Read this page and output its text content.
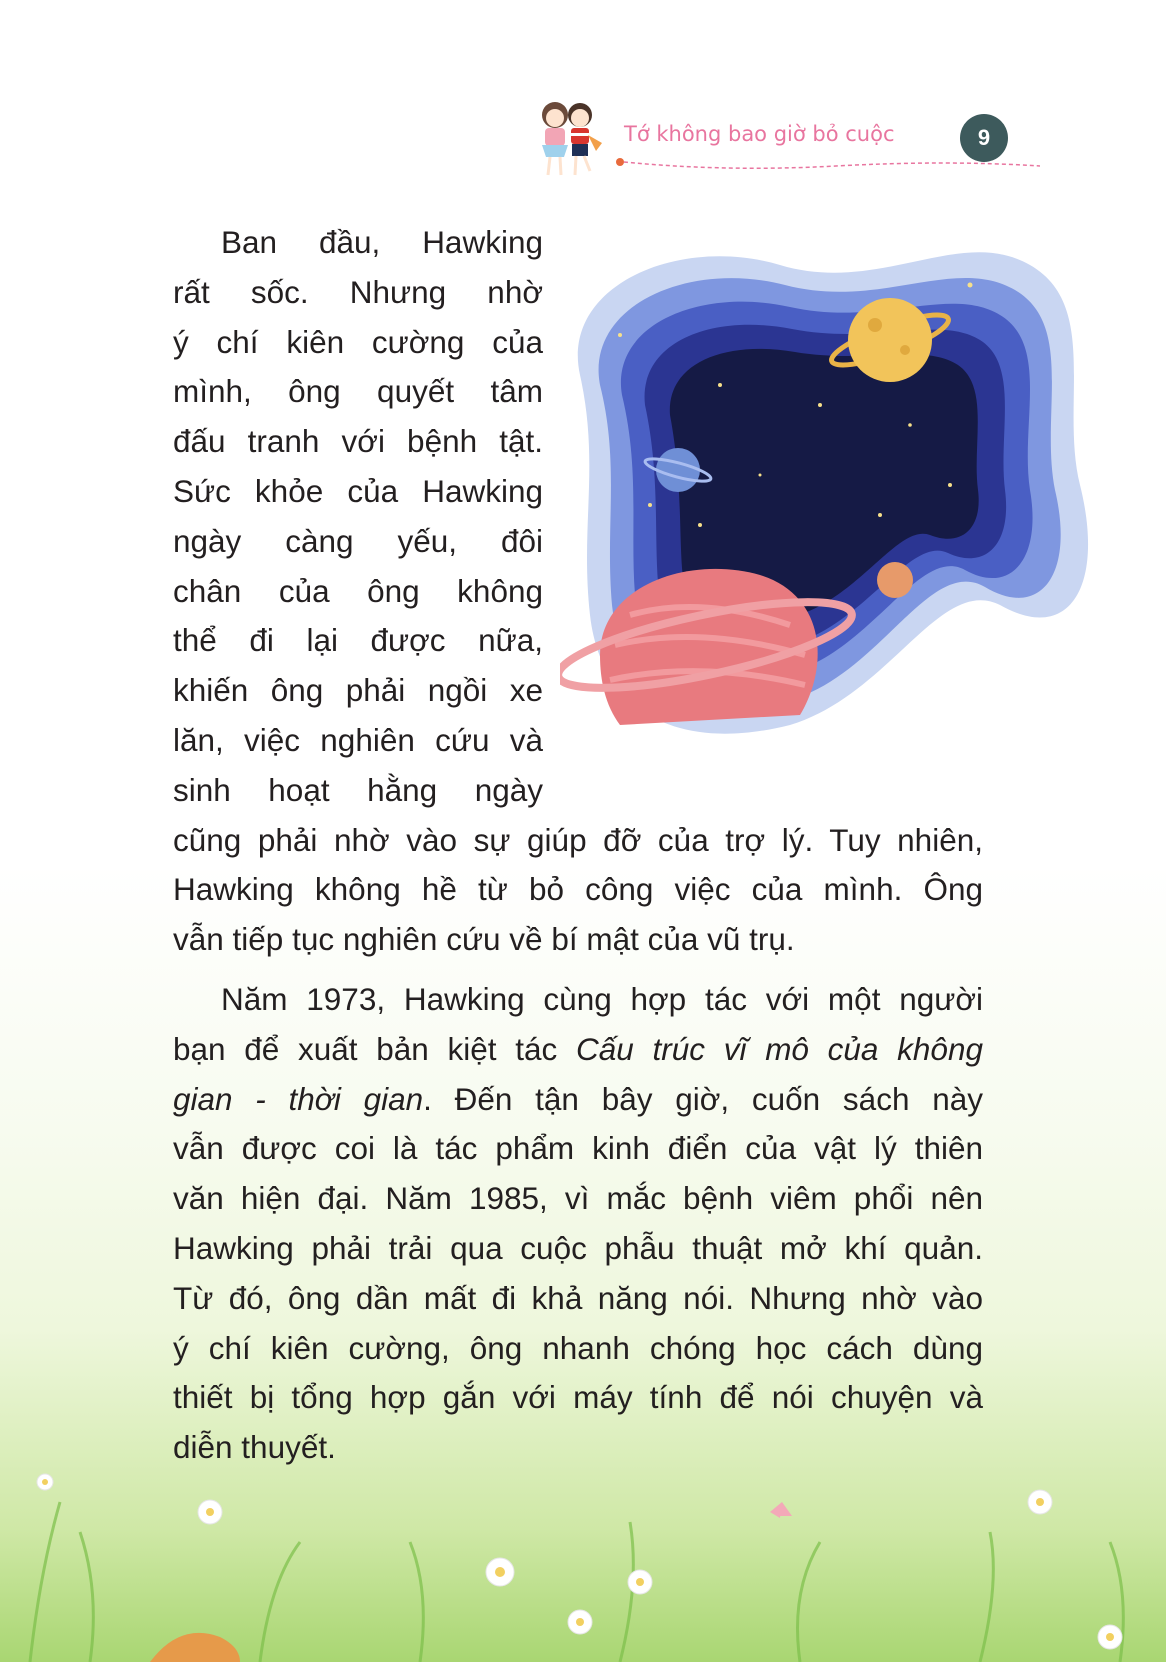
Tớ không bao giờ bỏ cuộc	9
Ban đầu, Hawking
rất sốc. Nhưng nhờ
ý chí kiên cường của
mình, ông quyết tâm
đấu tranh với bệnh tật.
Sức khỏe của Hawking
ngày càng yếu, đôi
chân của ông không
thể đi lại được nữa,
khiến ông phải ngồi xe
lăn, việc nghiên cứu và
sinh hoạt hằng ngày
cũng phải nhờ vào sự giúp đỡ của trợ lý. Tuy nhiên,
Hawking không hề từ bỏ công việc của mình. Ông
vẫn tiếp tục nghiên cứu về bí mật của vũ trụ.
Năm 1973, Hawking cùng hợp tác với một người
bạn để xuất bản kiệt tác Cấu trúc vĩ mô của không
gian - thời gian. Đến tận bây giờ, cuốn sách này
vẫn được coi là tác phẩm kinh điển của vật lý thiên
văn hiện đại. Năm 1985, vì mắc bệnh viêm phổi nên
Hawking phải trải qua cuộc phẫu thuật mở khí quản.
Từ đó, ông dần mất đi khả năng nói. Nhưng nhờ vào
ý chí kiên cường, ông nhanh chóng học cách dùng
thiết bị tổng hợp gắn với máy tính để nói chuyện và
diễn thuyết.
